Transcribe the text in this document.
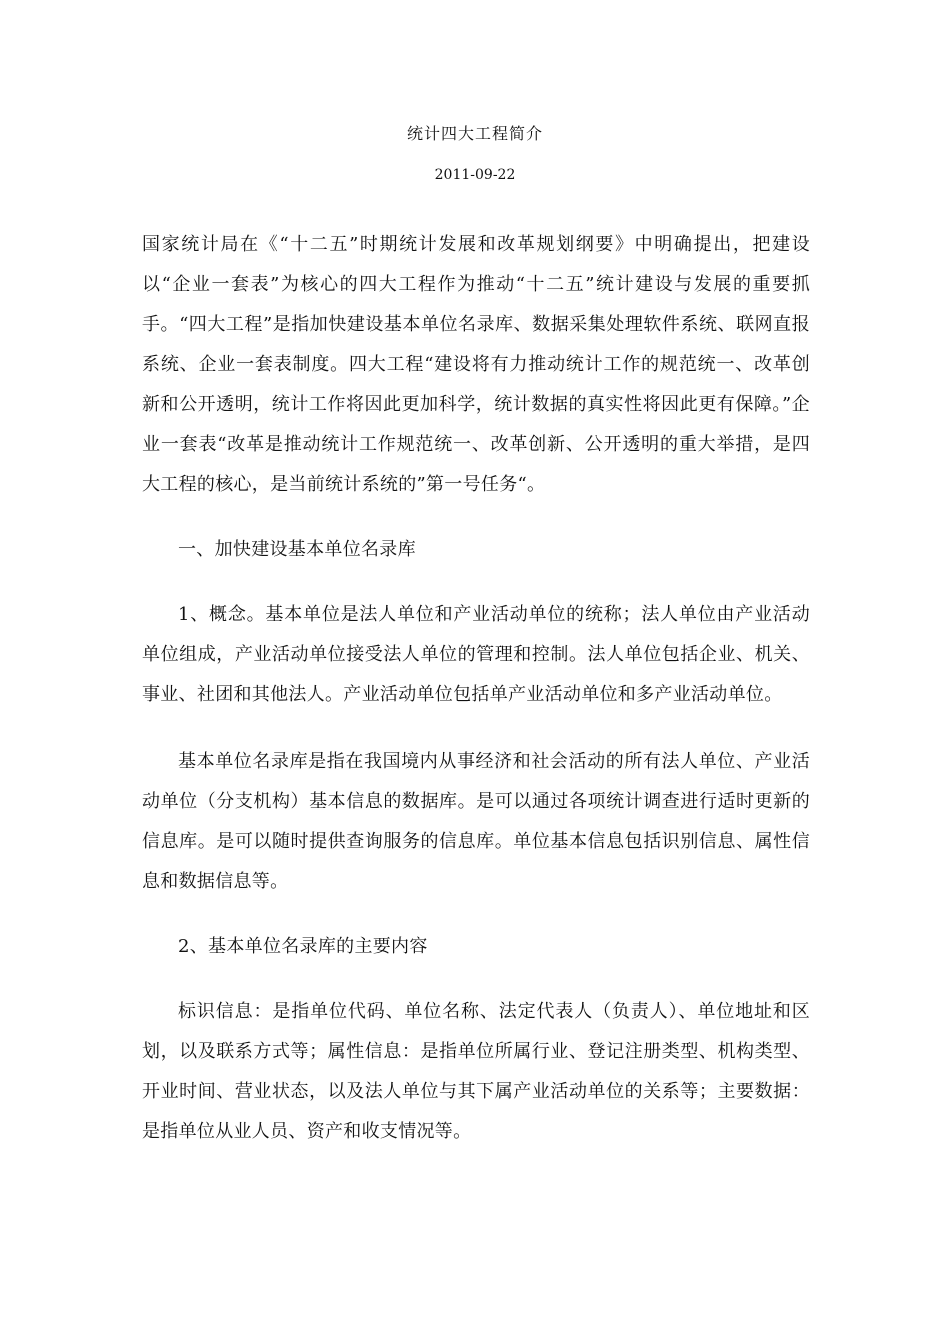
统计四大工程简介
2011-09-22

国家统计局在《“十二五”时期统计发展和改革规划纲要》中明确提出，把建设以“企业一套表”为核心的四大工程作为推动“十二五”统计建设与发展的重要抓手。“四大工程”是指加快建设基本单位名录库、数据采集处理软件系统、联网直报系统、企业一套表制度。四大工程“建设将有力推动统计工作的规范统一、改革创新和公开透明，统计工作将因此更加科学，统计数据的真实性将因此更有保障。”企业一套表“改革是推动统计工作规范统一、改革创新、公开透明的重大举措，是四大工程的核心，是当前统计系统的”第一号任务“。

一、加快建设基本单位名录库

1、概念。基本单位是法人单位和产业活动单位的统称；法人单位由产业活动单位组成，产业活动单位接受法人单位的管理和控制。法人单位包括企业、机关、事业、社团和其他法人。产业活动单位包括单产业活动单位和多产业活动单位。

基本单位名录库是指在我国境内从事经济和社会活动的所有法人单位、产业活动单位（分支机构）基本信息的数据库。是可以通过各项统计调查进行适时更新的信息库。是可以随时提供查询服务的信息库。单位基本信息包括识别信息、属性信息和数据信息等。

2、基本单位名录库的主要内容

标识信息：是指单位代码、单位名称、法定代表人（负责人）、单位地址和区划，以及联系方式等；属性信息：是指单位所属行业、登记注册类型、机构类型、开业时间、营业状态，以及法人单位与其下属产业活动单位的关系等；主要数据：是指单位从业人员、资产和收支情况等。
